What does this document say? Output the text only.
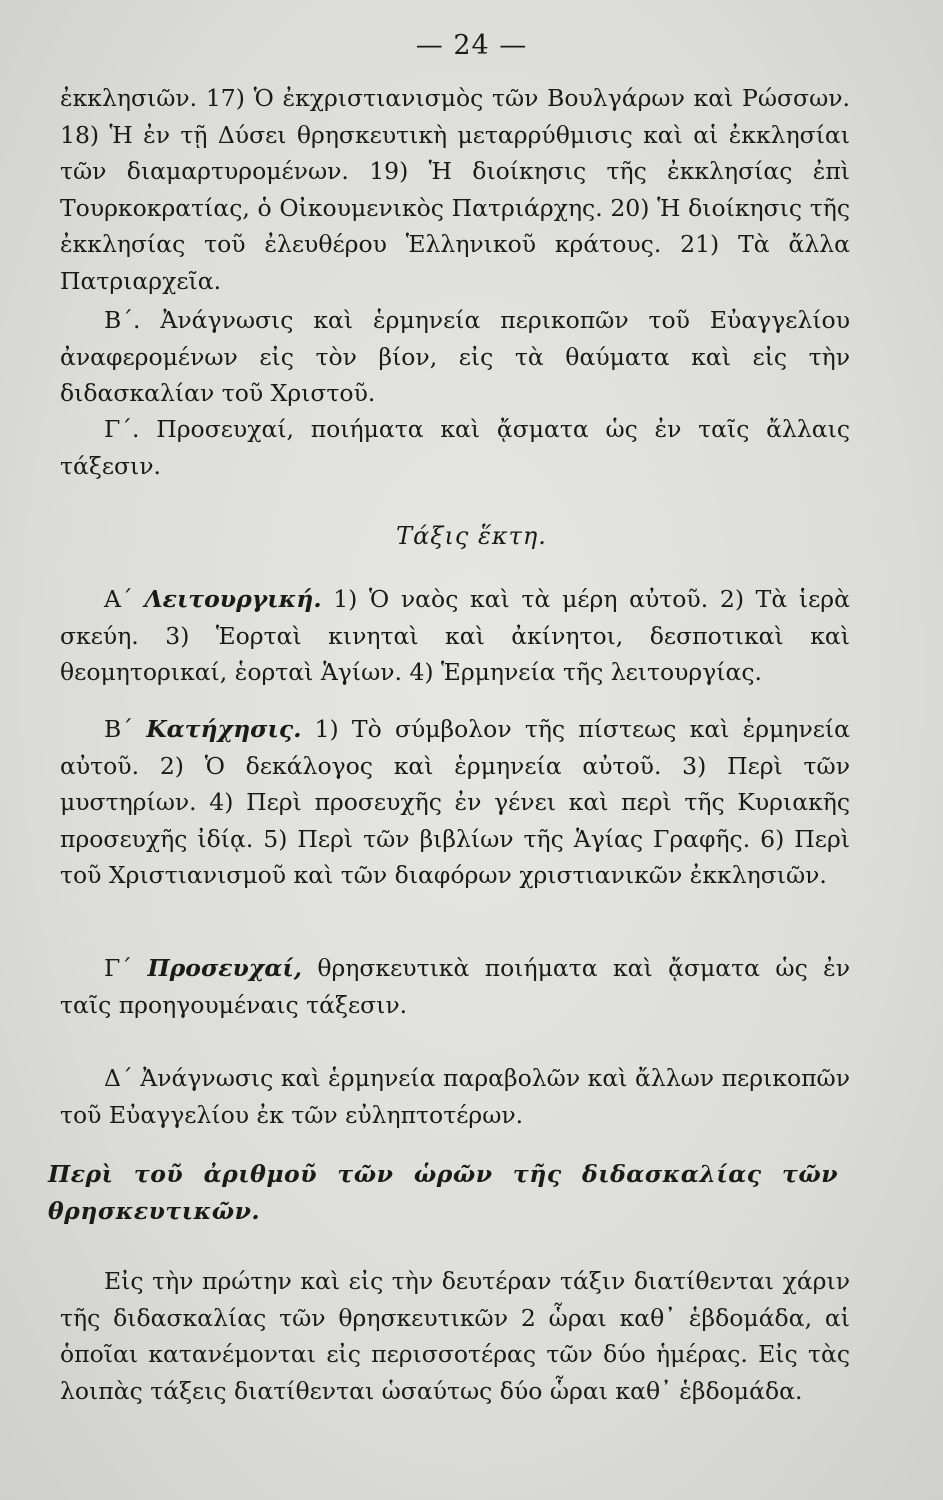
— 24 —

ἐκκλησιῶν. 17) Ὁ ἐκχριστιανισμὸς τῶν Βουλγάρων καὶ Ρώσσων. 18) Ἡ ἐν τῇ Δύσει θρησκευτικὴ μεταρρύθμισις καὶ αἱ ἐκκλησίαι τῶν διαμαρτυρομένων. 19) Ἡ διοίκησις τῆς ἐκκλησίας ἐπὶ Τουρκοκρατίας, ὁ Οἰκουμενικὸς Πατριάρχης. 20) Ἡ διοίκησις τῆς ἐκκλησίας τοῦ ἐλευθέρου Ἑλληνικοῦ κράτους. 21) Τὰ ἄλλα Πατριαρχεῖα.

Β΄. Ἀνάγνωσις καὶ ἑρμηνεία περικοπῶν τοῦ Εὐαγγελίου ἀναφερομένων εἰς τὸν βίον, εἰς τὰ θαύματα καὶ εἰς τὴν διδασκαλίαν τοῦ Χριστοῦ.

Γ΄. Προσευχαί, ποιήματα καὶ ᾄσματα ὡς ἐν ταῖς ἄλλαις τάξεσιν.

Τάξις ἕκτη.

Α΄ Λειτουργική. 1) Ὁ ναὸς καὶ τὰ μέρη αὐτοῦ. 2) Τὰ ἱερὰ σκεύη. 3) Ἑορταὶ κινηταὶ καὶ ἀκίνητοι, δεσποτικαὶ καὶ θεομητορικαί, ἑορταὶ Ἁγίων. 4) Ἑρμηνεία τῆς λειτουργίας.

Β΄ Κατήχησις. 1) Τὸ σύμβολον τῆς πίστεως καὶ ἑρμηνεία αὐτοῦ. 2) Ὁ δεκάλογος καὶ ἑρμηνεία αὐτοῦ. 3) Περὶ τῶν μυστηρίων. 4) Περὶ προσευχῆς ἐν γένει καὶ περὶ τῆς Κυριακῆς προσευχῆς ἰδίᾳ. 5) Περὶ τῶν βιβλίων τῆς Ἁγίας Γραφῆς. 6) Περὶ τοῦ Χριστιανισμοῦ καὶ τῶν διαφόρων χριστιανικῶν ἐκκλησιῶν.

Γ΄ Προσευχαί, θρησκευτικὰ ποιήματα καὶ ᾄσματα ὡς ἐν ταῖς προηγουμέναις τάξεσιν.

Δ΄ Ἀνάγνωσις καὶ ἑρμηνεία παραβολῶν καὶ ἄλλων περικοπῶν τοῦ Εὐαγγελίου ἐκ τῶν εὐληπτοτέρων.

Περὶ τοῦ ἀριθμοῦ τῶν ὡρῶν τῆς διδασκαλίας τῶν θρησκευτικῶν.

Εἰς τὴν πρώτην καὶ εἰς τὴν δευτέραν τάξιν διατίθενται χάριν τῆς διδασκαλίας τῶν θρησκευτικῶν 2 ὧραι καθ᾿ ἑβδομάδα, αἱ ὁποῖαι κατανέμονται εἰς περισσοτέρας τῶν δύο ἡμέρας. Εἰς τὰς λοιπὰς τάξεις διατίθενται ὡσαύτως δύο ὧραι καθ᾿ ἑβδομάδα.
